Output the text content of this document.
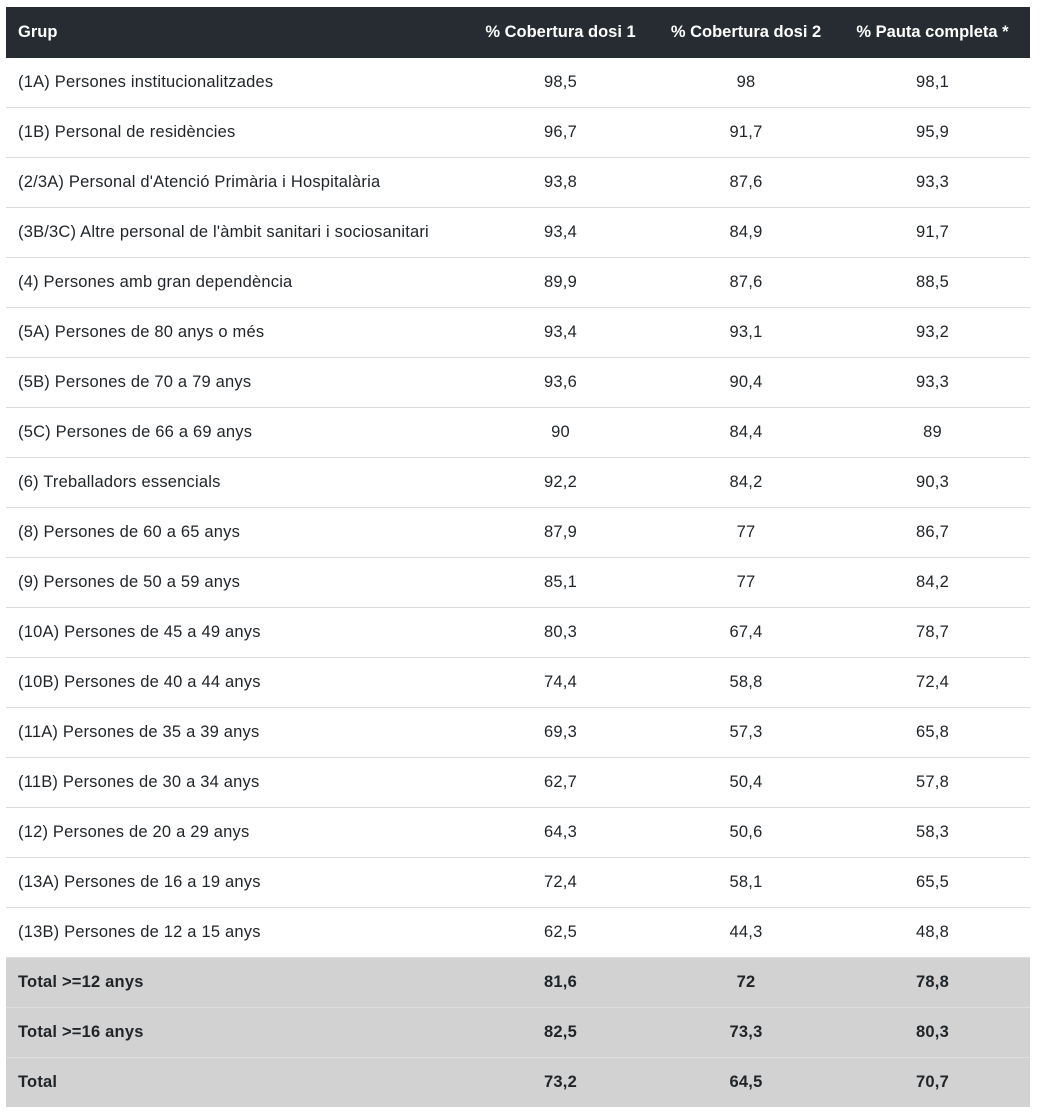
Grup	% Cobertura dosi 1	% Cobertura dosi 2	% Pauta completa *
(1A) Persones institucionalitzades	98,5	98	98,1
(1B) Personal de residències	96,7	91,7	95,9
(2/3A) Personal d'Atenció Primària i Hospitalària	93,8	87,6	93,3
(3B/3C) Altre personal de l'àmbit sanitari i sociosanitari	93,4	84,9	91,7
(4) Persones amb gran dependència	89,9	87,6	88,5
(5A) Persones de 80 anys o més	93,4	93,1	93,2
(5B) Persones de 70 a 79 anys	93,6	90,4	93,3
(5C) Persones de 66 a 69 anys	90	84,4	89
(6) Treballadors essencials	92,2	84,2	90,3
(8) Persones de 60 a 65 anys	87,9	77	86,7
(9) Persones de 50 a 59 anys	85,1	77	84,2
(10A) Persones de 45 a 49 anys	80,3	67,4	78,7
(10B) Persones de 40 a 44 anys	74,4	58,8	72,4
(11A) Persones de 35 a 39 anys	69,3	57,3	65,8
(11B) Persones de 30 a 34 anys	62,7	50,4	57,8
(12) Persones de 20 a 29 anys	64,3	50,6	58,3
(13A) Persones de 16 a 19 anys	72,4	58,1	65,5
(13B) Persones de 12 a 15 anys	62,5	44,3	48,8
Total >=12 anys	81,6	72	78,8
Total >=16 anys	82,5	73,3	80,3
Total	73,2	64,5	70,7
